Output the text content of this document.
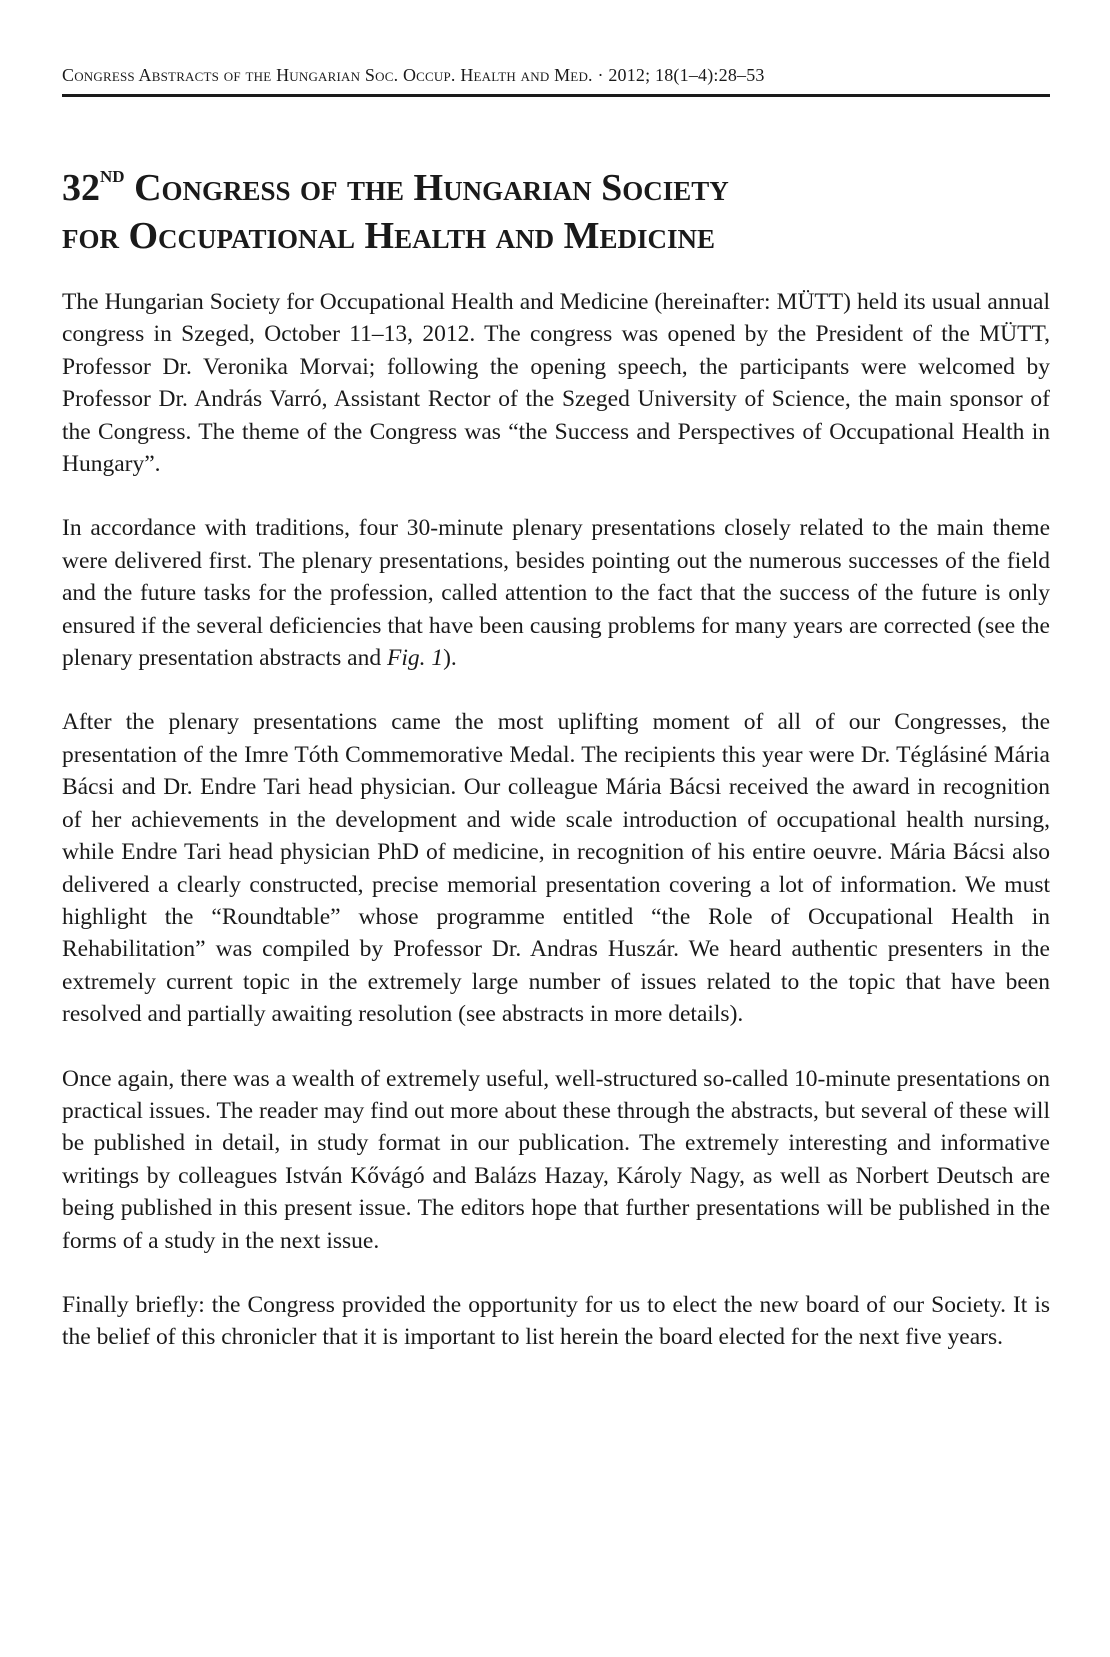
Congress Abstracts of the Hungarian Soc. Occup. Health and Med. · 2012; 18(1–4):28–53
32ND Congress of the Hungarian Society
for Occupational Health and Medicine

The Hungarian Society for Occupational Health and Medicine (hereinafter: MÜTT) held its usual annual congress in Szeged, October 11–13, 2012. The congress was opened by the President of the MÜTT, Professor Dr. Veronika Morvai; following the opening speech, the participants were welcomed by Professor Dr. András Varró, Assistant Rector of the Szeged University of Science, the main sponsor of the Congress. The theme of the Congress was “the Success and Perspectives of Occupational Health in Hungary”.

In accordance with traditions, four 30-minute plenary presentations closely related to the main theme were delivered first. The plenary presentations, besides pointing out the numerous successes of the field and the future tasks for the profession, called attention to the fact that the success of the future is only ensured if the several deficiencies that have been causing problems for many years are corrected (see the plenary presentation abstracts and Fig. 1).

After the plenary presentations came the most uplifting moment of all of our Congresses, the presentation of the Imre Tóth Commemorative Medal. The recipients this year were Dr. Téglásiné Mária Bácsi and Dr. Endre Tari head physician. Our colleague Mária Bácsi received the award in recognition of her achievements in the development and wide scale introduction of occupational health nursing, while Endre Tari head physician PhD of medicine, in recognition of his entire oeuvre. Mária Bácsi also delivered a clearly constructed, precise memorial presentation covering a lot of information. We must highlight the “Roundtable” whose programme entitled “the Role of Occupational Health in Rehabilitation” was compiled by Professor Dr. Andras Huszár. We heard authentic presenters in the extremely current topic in the extremely large number of issues related to the topic that have been resolved and partially awaiting resolution (see abstracts in more details).

Once again, there was a wealth of extremely useful, well-structured so-called 10-minute presentations on practical issues. The reader may find out more about these through the abstracts, but several of these will be published in detail, in study format in our publication. The extremely interesting and informative writings by colleagues István Kővágó and Balázs Hazay, Károly Nagy, as well as Norbert Deutsch are being published in this present issue. The editors hope that further presentations will be published in the forms of a study in the next issue.

Finally briefly: the Congress provided the opportunity for us to elect the new board of our Society. It is the belief of this chronicler that it is important to list herein the board elected for the next five years.
